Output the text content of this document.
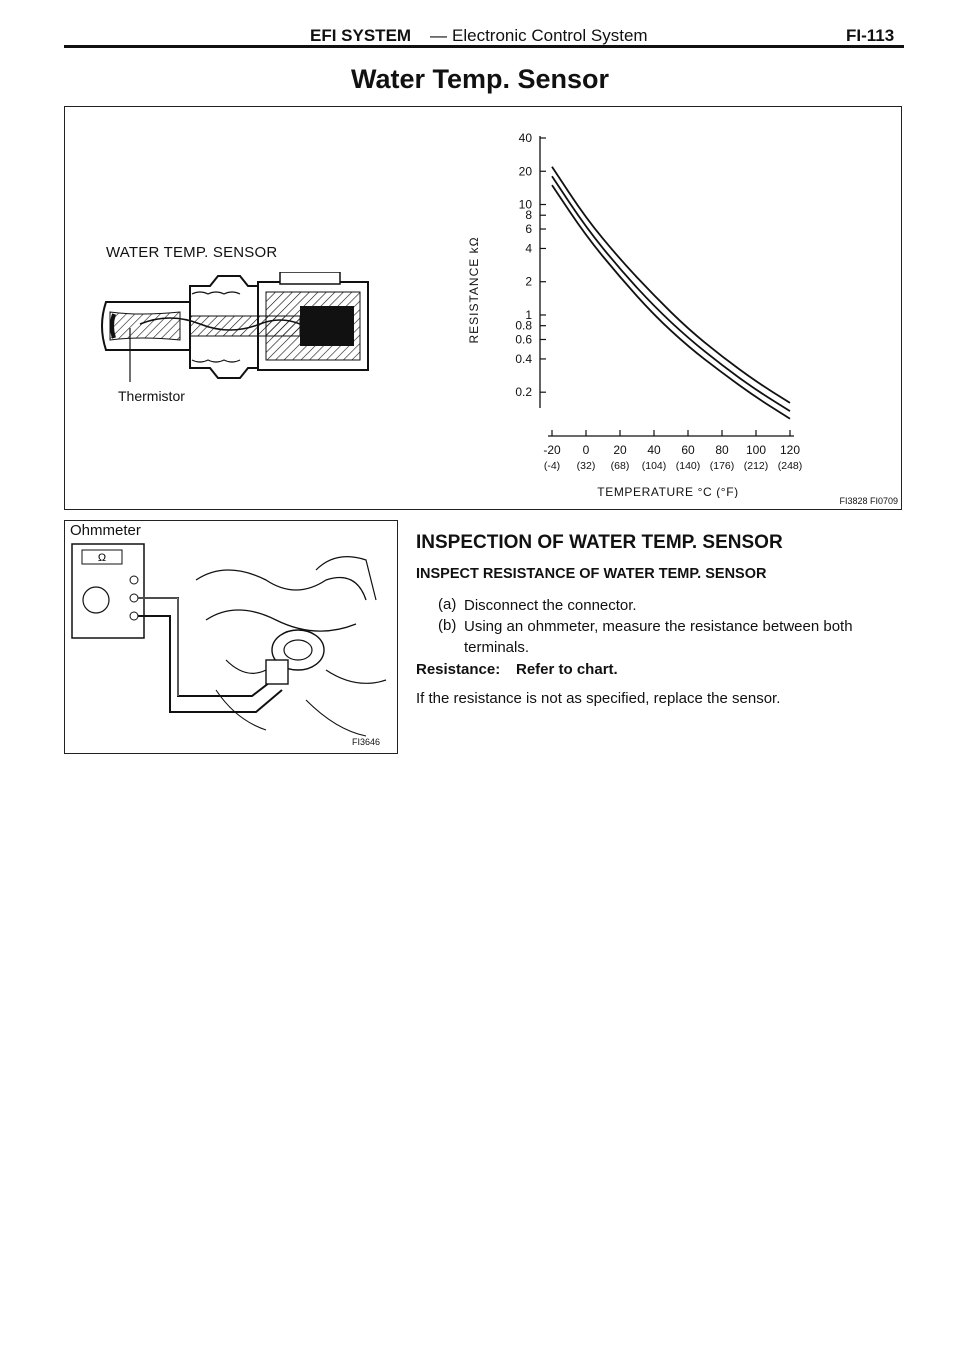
EFI SYSTEM — Electronic Control System	FI-113
Water Temp. Sensor
WATER TEMP. SENSOR
Thermistor
40
20
10
8
6
4
2
1
0.8
0.6
0.4
0.2
-20
(-4)
0
(32)
20
(68)
40
(104)
60
(140)
80
(176)
100
(212)
120
(248)
RESISTANCE kΩ
TEMPERATURE °C (°F)
FI3828 FI0709
Ω
Ohmmeter
FI3646
INSPECTION OF WATER TEMP. SENSOR
INSPECT RESISTANCE OF WATER TEMP. SENSOR
(a) Disconnect the connector.
(b) Using an ohmmeter, measure the resistance between both terminals.
Resistance: Refer to chart.
If the resistance is not as specified, replace the sensor.
